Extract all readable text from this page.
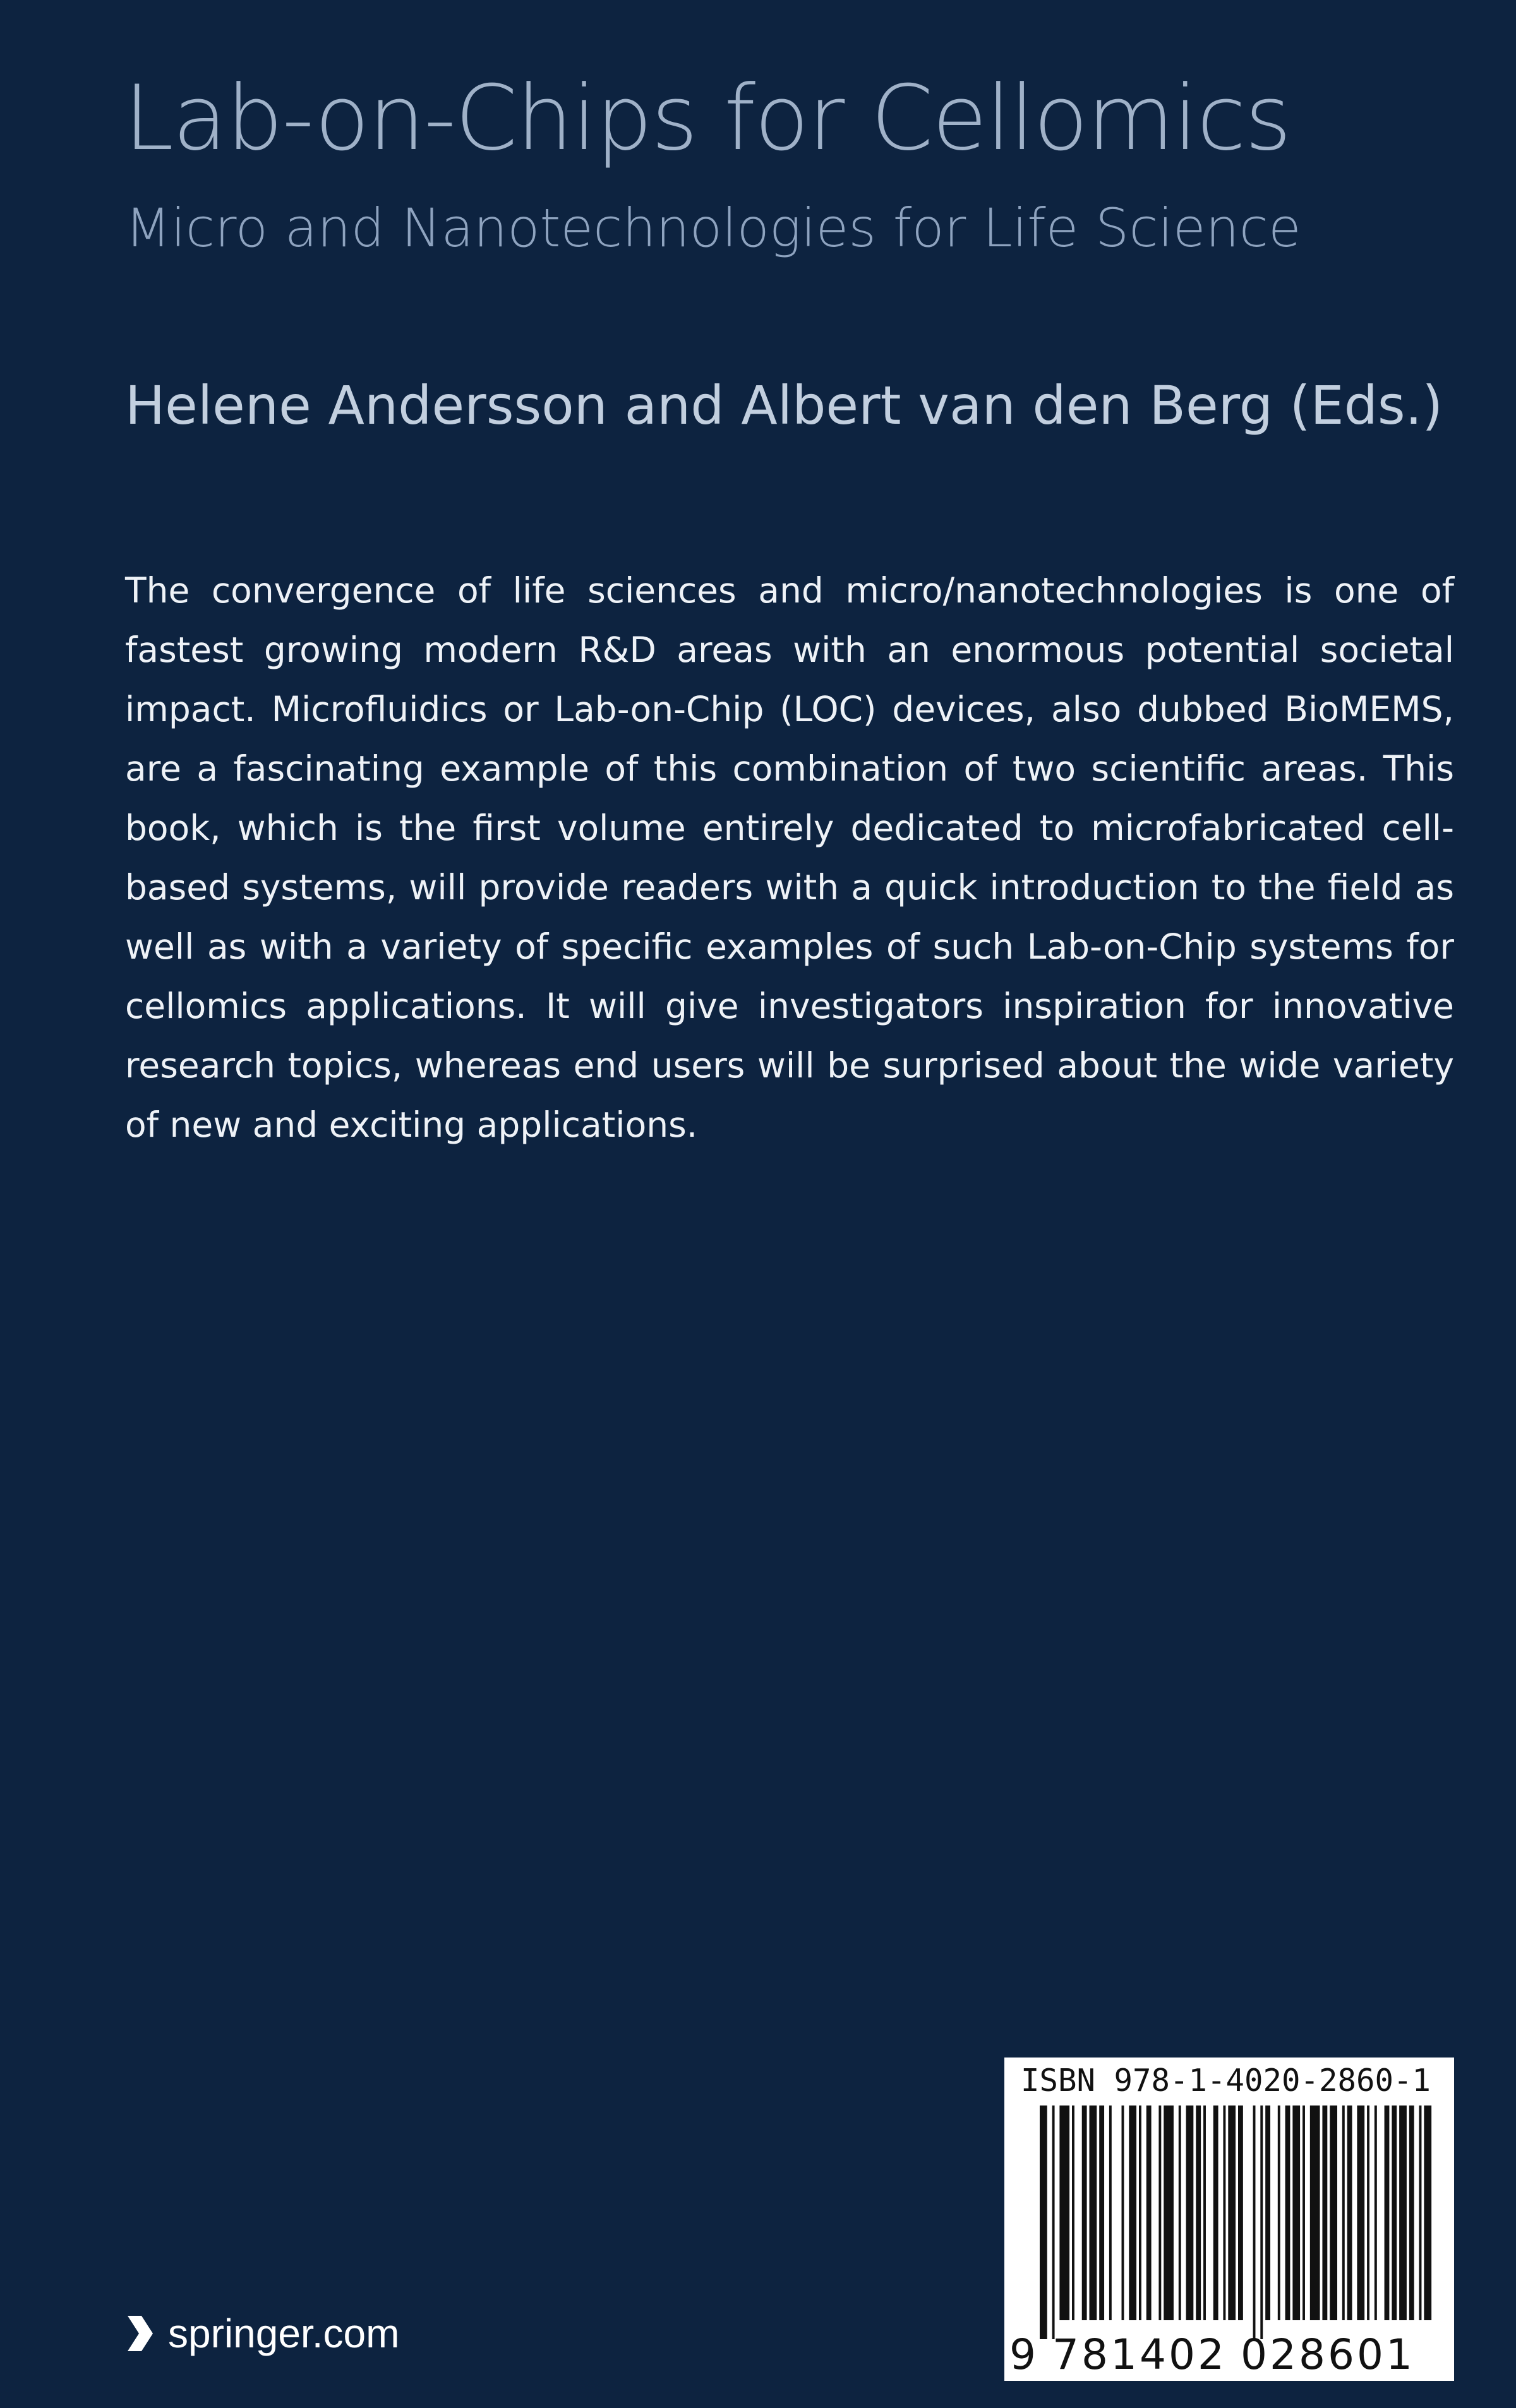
Lab-on-Chips for Cellomics
Micro and Nanotechnologies for Life Science
Helene Andersson and Albert van den Berg (Eds.)

The convergence of life sciences and micro/nanotechnologies is one of fastest growing modern R&D areas with an enormous potential societal impact. Microfluidics or Lab-on-Chip (LOC) devices, also dubbed BioMEMS, are a fascinating example of this combination of two scientific areas. This book, which is the first volume entirely dedicated to microfabricated cell-based systems, will provide readers with a quick introduction to the field as well as with a variety of specific examples of such Lab-on-Chip systems for cellomics applications. It will give investigators inspiration for innovative research topics, whereas end users will be surprised about the wide variety of new and exciting applications.

ISBN 978-1-4020-2860-1
9 781402 028601
springer.com
